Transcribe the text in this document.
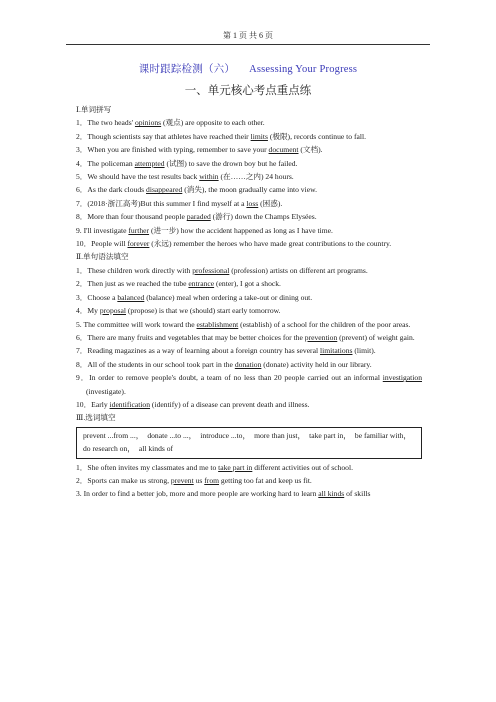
第 1 页 共 6 页
课时跟踪检测（六） Assessing Your Progress
一、单元核心考点重点练
Ⅰ.单词拼写
1．The two heads' opinions (观点) are opposite to each other.
2．Though scientists say that athletes have reached their limits (极限), records continue to fall.
3．When you are finished with typing, remember to save your document (文档).
4．The policeman attempted (试图) to save the drown boy but he failed.
5．We should have the test results back within (在……之内) 24 hours.
6．As the dark clouds disappeared (消失), the moon gradually came into view.
7．(2018·浙江高考)But this summer I find myself at a loss (困惑).
8．More than four thousand people paraded (游行) down the Champs Elysées.
9. I'll investigate further (进一步) how the accident happened as long as I have time.
10．People will forever (永远) remember the heroes who have made great contributions to the country.
Ⅱ.单句语法填空
1．These children work directly with professional (profession) artists on different art programs.
2．Then just as we reached the tube entrance (enter), I got a shock.
3．Choose a balanced (balance) meal when ordering a take-out or dining out.
4．My proposal (propose) is that we (should) start early tomorrow.
5. The committee will work toward the establishment (establish) of a school for the children of the poor areas.
6．There are many fruits and vegetables that may be better choices for the prevention (prevent) of weight gain.
7．Reading magazines as a way of learning about a foreign country has several limitations (limit).
8．All of the students in our school took part in the donation (donate) activity held in our library.
9．In order to remove people's doubt, a team of no less than 20 people carried out an informal investigation (investigate).
10．Early identification (identify) of a disease can prevent death and illness.
Ⅲ.选词填空
prevent ...from ...， donate ...to ...， introduce ...to， more than just， take part in， be familiar with，do research on， all kinds of
1．She often invites my classmates and me to take part in different activities out of school.
2．Sports can make us strong, prevent us from getting too fat and keep us fit.
3. In order to find a better job, more and more people are working hard to learn all kinds of skills
